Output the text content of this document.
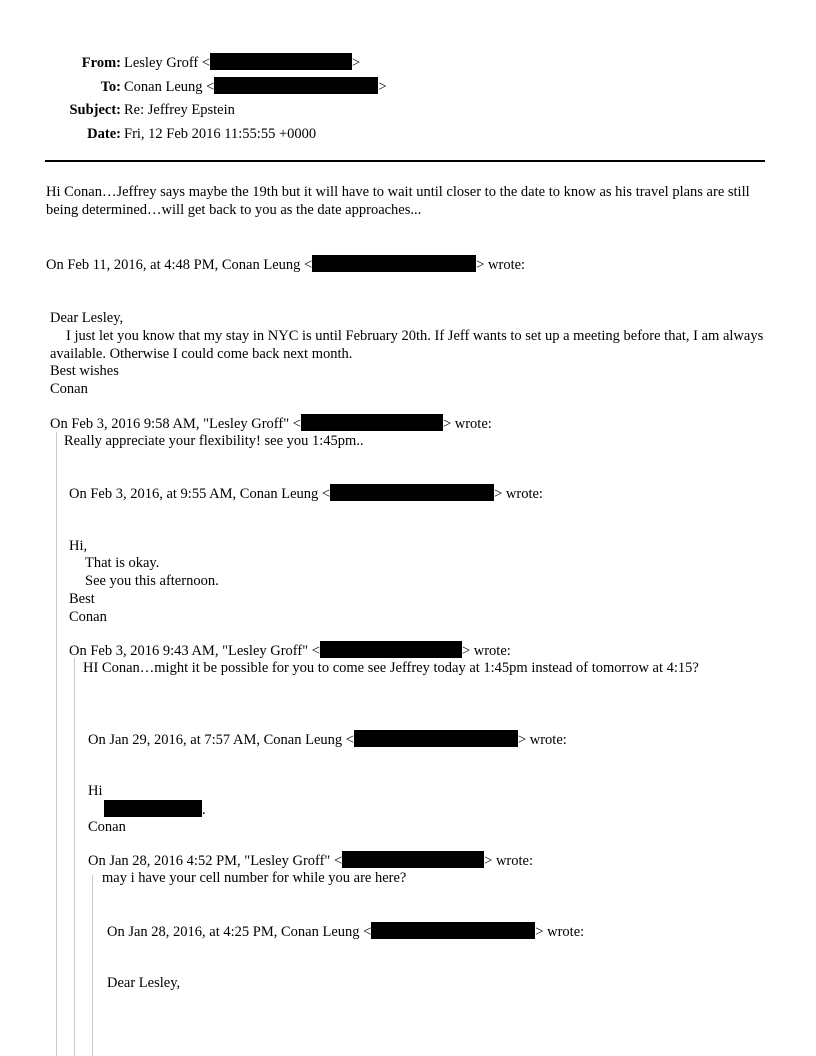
From: Lesley Groff <	>
To: Conan Leung <	>
Subject: Re: Jeffrey Epstein
Date: Fri, 12 Feb 2016 11:55:55 +0000
Hi Conan…Jeffrey says maybe the 19th but it will have to wait until closer to the date to know as his travel plans are still being determined…will get back to you as the date approaches...
On Feb 11, 2016, at 4:48 PM, Conan Leung <	> wrote:
Dear Lesley,
I just let you know that my stay in NYC is until February 20th. If Jeff wants to set up a meeting before that, I am always available. Otherwise I could come back next month.
Best wishes
Conan
On Feb 3, 2016 9:58 AM, "Lesley Groff" <	> wrote:
Really appreciate your flexibility! see you 1:45pm..
On Feb 3, 2016, at 9:55 AM, Conan Leung <	> wrote:
Hi,
That is okay.
See you this afternoon.
Best
Conan
On Feb 3, 2016 9:43 AM, "Lesley Groff" <	> wrote:
HI Conan…might it be possible for you to come see Jeffrey today at 1:45pm instead of tomorrow at 4:15?
On Jan 29, 2016, at 7:57 AM, Conan Leung <	> wrote:
Hi
.
Conan
On Jan 28, 2016 4:52 PM, "Lesley Groff" <	> wrote:
may i have your cell number for while you are here?
On Jan 28, 2016, at 4:25 PM, Conan Leung <	> wrote:
Dear Lesley,
